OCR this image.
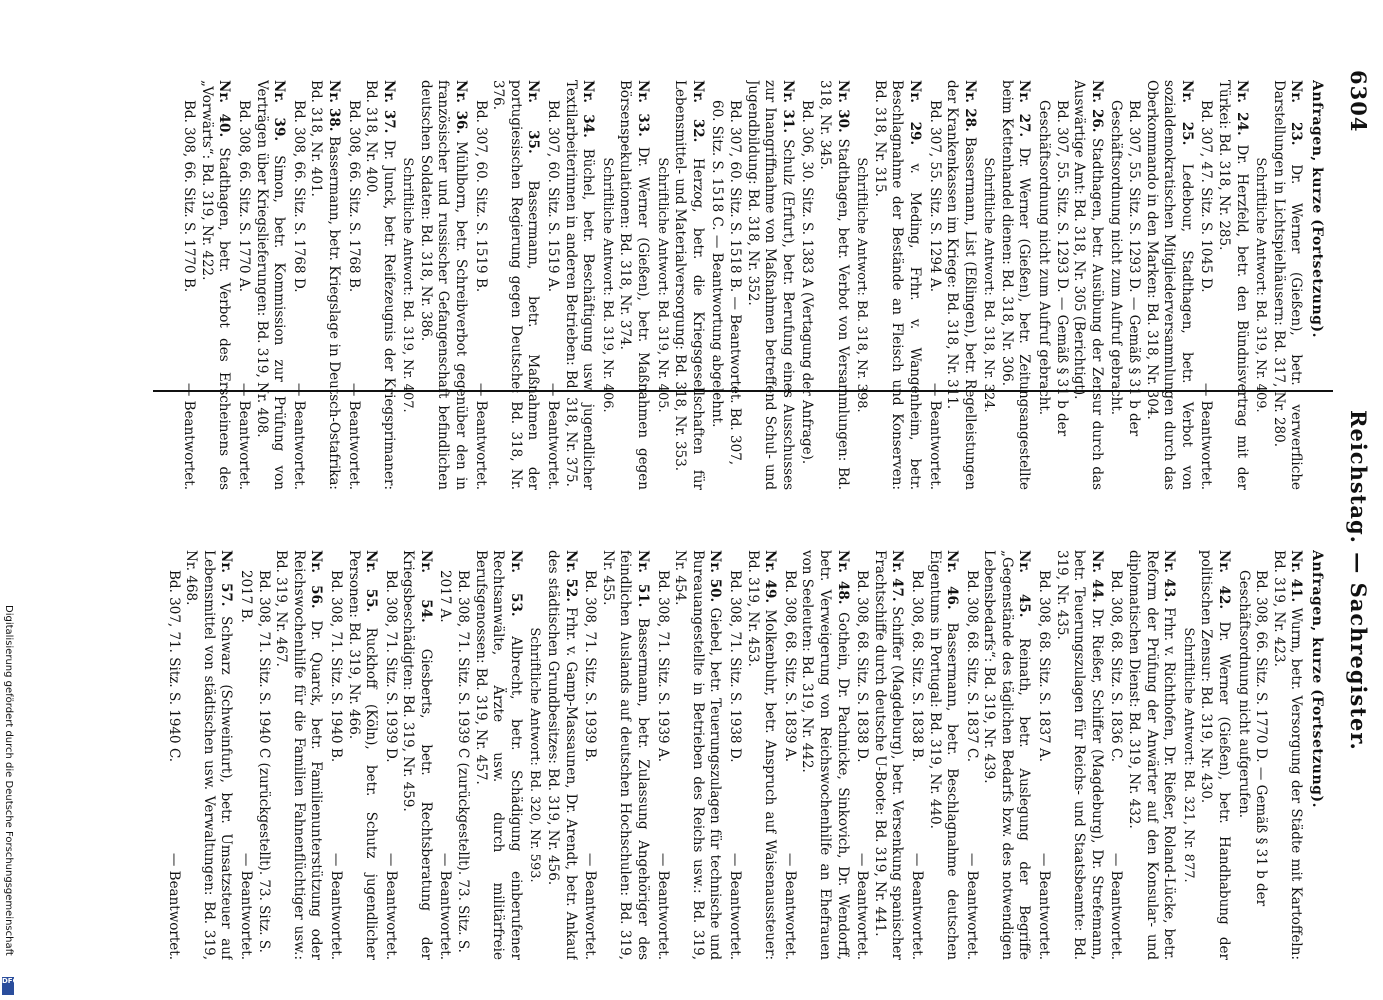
6304
Reichstag. — Sachregister.
Anfragen, kurze (Fortsetzung).
Nr. 23. Dr. Werner (Gießen), betr. verwerfliche Darstellungen in Lichtspielhäusern: Bd. 317, Nr. 280.
Schriftliche Antwort: Bd. 319, Nr. 409.
Nr. 24. Dr. Herzfeld, betr. den Bündnisvertrag mit der Türkei: Bd. 318, Nr. 285.
Bd. 307, 47. Sitz. S. 1045 D.
— Beantwortet.
Nr. 25. Ledebour, Stadthagen, betr. Verbot von sozialdemokratischen Mitgliederversammlungen durch das Oberkommando in den Marken: Bd. 318, Nr. 304.
Bd. 307, 55. Sitz. S. 1293 D. — Gemäß § 31 b der Geschäftsordnung nicht zum Aufruf gebracht.
Nr. 26. Stadthagen, betr. Ausübung der Zensur durch das Auswärtige Amt: Bd. 318, Nr. 305 (Berichtigt).
Bd. 307, 55. Sitz. S. 1293 D. — Gemäß § 31 b der Geschäftsordnung nicht zum Aufruf gebracht.
Nr. 27. Dr. Werner (Gießen), betr. Zeitungsangestellte beim Kettenhandel dienen: Bd. 318, Nr. 306.
Schriftliche Antwort: Bd. 318, Nr. 324.
Nr. 28. Bassermann, List (Eßlingen), betr. Regelleistungen der Krankenkassen im Kriege: Bd. 318, Nr. 311.
Bd. 307, 55. Sitz. S. 1294 A.
— Beantwortet.
Nr. 29. v. Meding, Frhr. v. Wangenheim, betr. Beschlagnahme der Bestände an Fleisch und Konserven: Bd. 318, Nr. 315.
Schriftliche Antwort: Bd. 318, Nr. 398.
Nr. 30. Stadthagen, betr. Verbot von Versammlungen: Bd. 318, Nr. 345.
Bd. 306, 30. Sitz. S. 1383 A (Vertagung der Anfrage).
Nr. 31. Schulz (Erfurt), betr. Berufung eines Ausschusses zur Inangriffnahme von Maßnahmen betreffend Schul- und Jugendbildung: Bd. 318, Nr. 352.
Bd. 307, 60. Sitz. S. 1518 B. — Beantwortet. Bd. 307, 60. Sitz. S. 1518 C. — Beantwortung abgelehnt.
Nr. 32. Herzog, betr. die Kriegsgesellschaften für Lebensmittel- und Materialversorgung: Bd. 318, Nr. 353.
Schriftliche Antwort: Bd. 319, Nr. 405.
Nr. 33. Dr. Werner (Gießen), betr. Maßnahmen gegen Börsenspekulationen: Bd. 318, Nr. 374.
Schriftliche Antwort: Bd. 319, Nr. 406.
Nr. 34. Büchel, betr. Beschäftigung usw. jugendlicher Textilarbeiterinnen in anderen Betrieben: Bd. 318, Nr. 375.
Bd. 307, 60. Sitz. S. 1519 A.
— Beantwortet.
Nr. 35. Bassermann, betr. Maßnahmen der portugiesischen Regierung gegen Deutsche: Bd. 318, Nr. 376.
Bd. 307, 60. Sitz. S. 1519 B.
— Beantwortet.
Nr. 36. Mühlborn, betr. Schreibverbot gegenüber den in französischer und russischer Gefangenschaft befindlichen deutschen Soldaten: Bd. 318, Nr. 386.
Schriftliche Antwort: Bd. 319, Nr. 407.
Nr. 37. Dr. Junck, betr. Reifezeugnis der Kriegsprimaner: Bd. 318, Nr. 400.
Bd. 308, 66. Sitz. S. 1768 B.
— Beantwortet.
Nr. 38. Bassermann, betr. Kriegslage in Deutsch-Ostafrika: Bd. 318, Nr. 401.
Bd. 308, 66. Sitz. S. 1768 D.
— Beantwortet.
Nr. 39. Simon, betr. Kommission zur Prüfung von Verträgen über Kriegslieferungen: Bd. 319, Nr. 408.
Bd. 308, 66. Sitz. S. 1770 A.
— Beantwortet.
Nr. 40. Stadthagen, betr. Verbot des Erscheinens des „Vorwärts“: Bd. 319, Nr. 422.
Bd. 308, 66. Sitz. S. 1770 B.
— Beantwortet.
Anfragen, kurze (Fortsetzung).
Nr. 41. Wurm, betr. Versorgung der Städte mit Kartoffeln: Bd. 319, Nr. 423.
Bd. 308, 66. Sitz. S. 1770 D. — Gemäß § 31 b der Geschäftsordnung nicht aufgerufen.
Nr. 42. Dr. Werner (Gießen), betr. Handhabung der politischen Zensur: Bd. 319, Nr. 430.
Schriftliche Antwort: Bd. 321, Nr. 877.
Nr. 43. Frhr. v. Richthofen, Dr. Rießer, Roland-Lücke, betr. Reform der Prüfung der Anwärter auf den Konsular- und diplomatischen Dienst: Bd. 319, Nr. 432.
Bd. 308, 68. Sitz. S. 1836 C.
— Beantwortet.
Nr. 44. Dr. Rießer, Schiffer (Magdeburg), Dr. Strefemann, betr. Teuerungszulagen für Reichs- und Staatsbeamte: Bd. 319, Nr. 435.
Bd. 308, 68. Sitz. S. 1837 A.
— Beantwortet.
Nr. 45. Reinath, betr. Auslegung der Begriffe „Gegenstände des täglichen Bedarfs bzw. des notwendigen Lebensbedarfs“: Bd. 319, Nr. 439.
Bd. 308, 68. Sitz. S. 1837 C.
— Beantwortet.
Nr. 46. Bassermann, betr. Beschlagnahme deutschen Eigentums in Portugal: Bd. 319, Nr. 440.
Bd. 308, 68. Sitz. S. 1838 B.
— Beantwortet.
Nr. 47. Schiffer (Magdeburg), betr. Versenkung spanischer Frachtschiffe durch deutsche U-Boote: Bd. 319, Nr. 441.
Bd. 308, 68. Sitz. S. 1838 D.
— Beantwortet.
Nr. 48. Gothein, Dr. Pachnicke, Sinkovich, Dr. Wendorff, betr. Verweigerung von Reichswochenhilfe an Ehefrauen von Seeleuten: Bd. 319, Nr. 442.
Bd. 308, 68. Sitz. S. 1839 A.
— Beantwortet.
Nr. 49. Molkenbuhr, betr. Anspruch auf Waisenaussteuer: Bd. 319, Nr. 453.
Bd. 308, 71. Sitz. S. 1938 D.
— Beantwortet.
Nr. 50. Giebel, betr. Teuerungszulagen für technische und Bureauangestellte in Betrieben des Reichs usw.: Bd. 319, Nr. 454.
Bd. 308, 71. Sitz. S. 1939 A.
— Beantwortet.
Nr. 51. Bassermann, betr. Zulassung Angehöriger des feindlichen Auslands auf deutschen Hochschulen: Bd. 319, Nr. 455.
Bd. 308, 71. Sitz. S. 1939 B.
— Beantwortet.
Nr. 52. Frhr. v. Gamp-Massaunen, Dr. Arendt, betr. Ankauf des städtischen Grundbesitzes: Bd. 319, Nr. 456.
Schriftliche Antwort: Bd. 320, Nr. 593.
Nr. 53. Albrecht, betr. Schädigung einberufener Rechtsanwälte, Ärzte usw. durch militärfreie Berufsgenossen: Bd. 319, Nr. 457.
Bd. 308, 71. Sitz. S. 1939 C (zurückgestellt). 73. Sitz. S. 2017 A.
— Beantwortet.
Nr. 54. Giesberts, betr. Rechtsberatung der Kriegsbeschädigten: Bd. 319, Nr. 459.
Bd. 308, 71. Sitz. S. 1939 D.
— Beantwortet.
Nr. 55. Ruckhoff (Köln), betr. Schutz jugendlicher Personen: Bd. 319, Nr. 466.
Bd. 308, 71. Sitz. S. 1940 B.
— Beantwortet.
Nr. 56. Dr. Quarck, betr. Familienunterstützung oder Reichswochenhilfe für die Familien Fahnenflüchtiger usw.: Bd. 319, Nr. 467.
Bd. 308, 71. Sitz. S. 1940 C (zurückgestellt). 73. Sitz. S. 2017 B.
— Beantwortet.
Nr. 57. Schwarz (Schweinfurt), betr. Umsatzsteuer auf Lebensmittel von städtischen usw. Verwaltungen: Bd. 319, Nr. 468.
Bd. 307, 71. Sitz. S. 1940 C.
— Beantwortet.
Digitalisierung gefördert durch die Deutsche Forschungsgemeinschaft
DFG
